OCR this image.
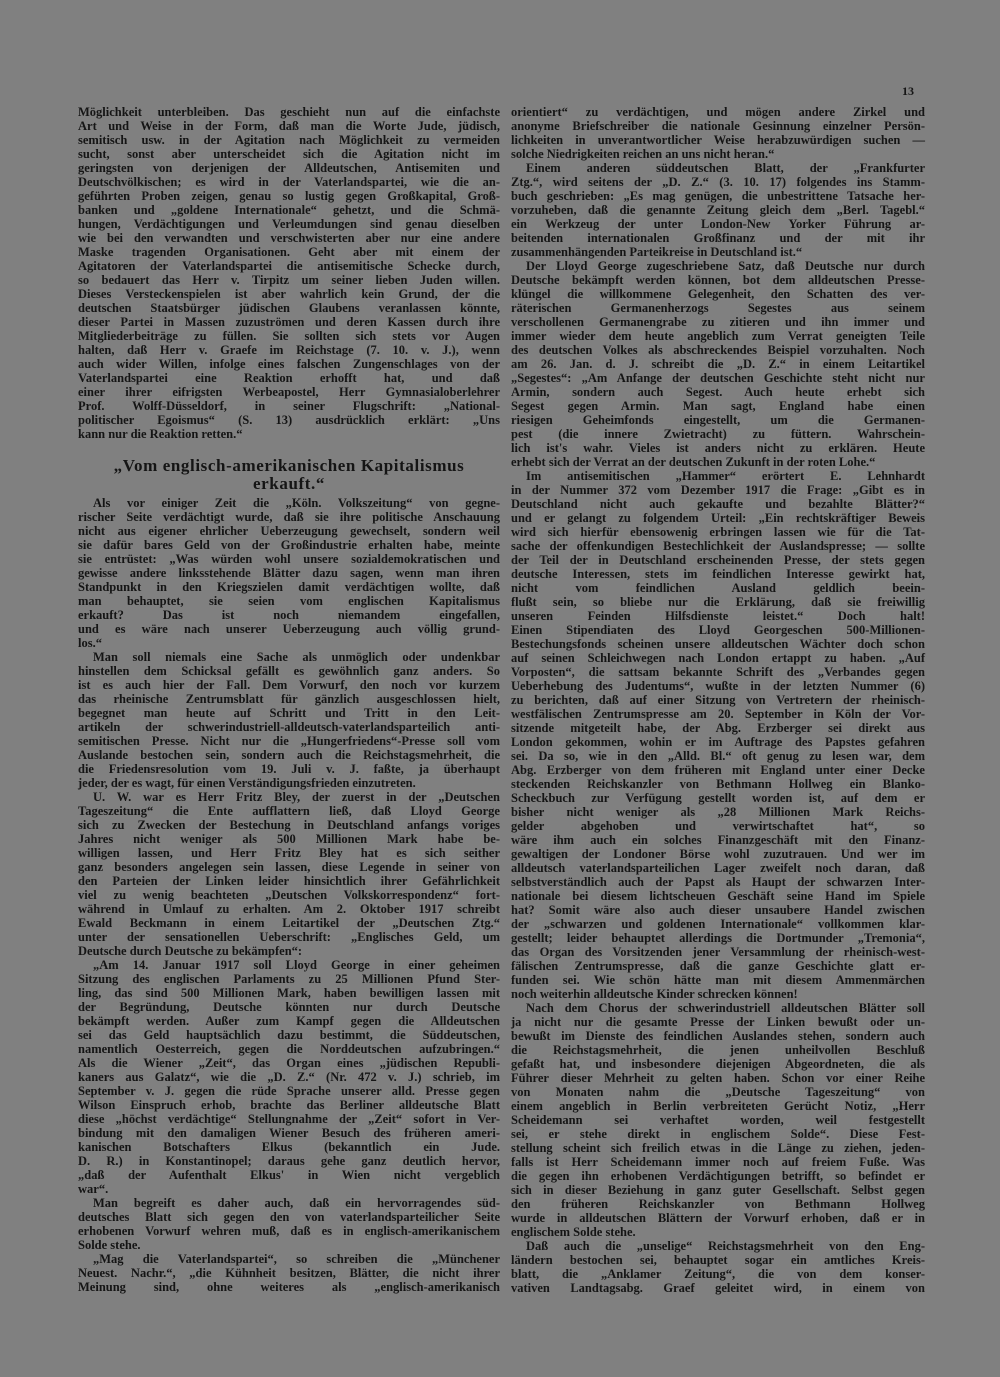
13
Möglichkeit unterbleiben. Das geschieht nun auf die einfachste
Art und Weise in der Form, daß man die Worte Jude, jüdisch,
semitisch usw. in der Agitation nach Möglichkeit zu vermeiden
sucht, sonst aber unterscheidet sich die Agitation nicht im
geringsten von derjenigen der Alldeutschen, Antisemiten und
Deutschvölkischen; es wird in der Vaterlandspartei, wie die an-
geführten Proben zeigen, genau so lustig gegen Großkapital, Groß-
banken und „goldene Internationale“ gehetzt, und die Schmä-
hungen, Verdächtigungen und Verleumdungen sind genau dieselben
wie bei den verwandten und verschwisterten aber nur eine andere
Maske tragenden Organisationen. Geht aber mit einem der
Agitatoren der Vaterlandspartei die antisemitische Schecke durch,
so bedauert das Herr v. Tirpitz um seiner lieben Juden willen.
Dieses Versteckenspielen ist aber wahrlich kein Grund, der die
deutschen Staatsbürger jüdischen Glaubens veranlassen könnte,
dieser Partei in Massen zuzuströmen und deren Kassen durch ihre
Mitgliederbeiträge zu füllen. Sie sollten sich stets vor Augen
halten, daß Herr v. Graefe im Reichstage (7. 10. v. J.), wenn
auch wider Willen, infolge eines falschen Zungenschlages von der
Vaterlandspartei eine Reaktion erhofft hat, und daß
einer ihrer eifrigsten Werbeapostel, Herr Gymnasialoberlehrer
Prof. Wolff-Düsseldorf, in seiner Flugschrift: „National-
politischer Egoismus“ (S. 13) ausdrücklich erklärt: „Uns
kann nur die Reaktion retten.“
„Vom englisch-amerikanischen Kapitalismus
erkauft.“
Als vor einiger Zeit die „Köln. Volkszeitung“ von gegne-
rischer Seite verdächtigt wurde, daß sie ihre politische Anschauung
nicht aus eigener ehrlicher Ueberzeugung gewechselt, sondern weil
sie dafür bares Geld von der Großindustrie erhalten habe, meinte
sie entrüstet: „Was würden wohl unsere sozialdemokratischen und
gewisse andere linksstehende Blätter dazu sagen, wenn man ihren
Standpunkt in den Kriegszielen damit verdächtigen wollte, daß
man behauptet, sie seien vom englischen Kapitalismus
erkauft? Das ist noch niemandem eingefallen,
und es wäre nach unserer Ueberzeugung auch völlig grund-
los.“
Man soll niemals eine Sache als unmöglich oder undenkbar
hinstellen dem Schicksal gefällt es gewöhnlich ganz anders. So
ist es auch hier der Fall. Dem Vorwurf, den noch vor kurzem
das rheinische Zentrumsblatt für gänzlich ausgeschlossen hielt,
begegnet man heute auf Schritt und Tritt in den Leit-
artikeln der schwerindustriell-alldeutsch-vaterlandsparteilich anti-
semitischen Presse. Nicht nur die „Hungerfriedens“-Presse soll vom
Auslande bestochen sein, sondern auch die Reichstagsmehrheit, die
die Friedensresolution vom 19. Juli v. J. faßte, ja überhaupt
jeder, der es wagt, für einen Verständigungsfrieden einzutreten.
U. W. war es Herr Fritz Bley, der zuerst in der „Deutschen
Tageszeitung“ die Ente aufflattern ließ, daß Lloyd George
sich zu Zwecken der Bestechung in Deutschland anfangs voriges
Jahres nicht weniger als 500 Millionen Mark habe be-
willigen lassen, und Herr Fritz Bley hat es sich seither
ganz besonders angelegen sein lassen, diese Legende in seiner von
den Parteien der Linken leider hinsichtlich ihrer Gefährlichkeit
viel zu wenig beachteten „Deutschen Volkskorrespondenz“ fort-
während in Umlauf zu erhalten. Am 2. Oktober 1917 schreibt
Ewald Beckmann in einem Leitartikel der „Deutschen Ztg.“
unter der sensationellen Ueberschrift: „Englisches Geld, um
Deutsche durch Deutsche zu bekämpfen“:
„Am 14. Januar 1917 soll Lloyd George in einer geheimen
Sitzung des englischen Parlaments zu 25 Millionen Pfund Ster-
ling, das sind 500 Millionen Mark, haben bewilligen lassen mit
der Begründung, Deutsche könnten nur durch Deutsche
bekämpft werden. Außer zum Kampf gegen die Alldeutschen
sei das Geld hauptsächlich dazu bestimmt, die Süddeutschen,
namentlich Oesterreich, gegen die Norddeutschen aufzubringen.“
Als die Wiener „Zeit“, das Organ eines „jüdischen Republi-
kaners aus Galatz“, wie die „D. Z.“ (Nr. 472 v. J.) schrieb, im
September v. J. gegen die rüde Sprache unserer alld. Presse gegen
Wilson Einspruch erhob, brachte das Berliner alldeutsche Blatt
diese „höchst verdächtige“ Stellungnahme der „Zeit“ sofort in Ver-
bindung mit den damaligen Wiener Besuch des früheren ameri-
kanischen Botschafters Elkus (bekanntlich ein Jude.
D. R.) in Konstantinopel; daraus gehe ganz deutlich hervor,
„daß der Aufenthalt Elkus' in Wien nicht vergeblich
war“.
Man begreift es daher auch, daß ein hervorragendes süd-
deutsches Blatt sich gegen den von vaterlandsparteilicher Seite
erhobenen Vorwurf wehren muß, daß es in englisch-amerikanischem
Solde stehe.
„Mag die Vaterlandspartei“, so schreiben die „Münchener
Neuest. Nachr.“, „die Kühnheit besitzen, Blätter, die nicht ihrer
Meinung sind, ohne weiteres als „englisch-amerikanisch
orientiert“ zu verdächtigen, und mögen andere Zirkel und
anonyme Briefschreiber die nationale Gesinnung einzelner Persön-
lichkeiten in unverantwortlicher Weise herabzuwürdigen suchen —
solche Niedrigkeiten reichen an uns nicht heran.“
Einem anderen süddeutschen Blatt, der „Frankfurter
Ztg.“, wird seitens der „D. Z.“ (3. 10. 17) folgendes ins Stamm-
buch geschrieben: „Es mag genügen, die unbestrittene Tatsache her-
vorzuheben, daß die genannte Zeitung gleich dem „Berl. Tagebl.“
ein Werkzeug der unter London-New Yorker Führung ar-
beitenden internationalen Großfinanz und der mit ihr
zusammenhängenden Parteikreise in Deutschland ist.“
Der Lloyd George zugeschriebene Satz, daß Deutsche nur durch
Deutsche bekämpft werden können, bot dem alldeutschen Presse-
klüngel die willkommene Gelegenheit, den Schatten des ver-
räterischen Germanenherzogs Segestes aus seinem
verschollenen Germanengrabe zu zitieren und ihn immer und
immer wieder dem heute angeblich zum Verrat geneigten Teile
des deutschen Volkes als abschreckendes Beispiel vorzuhalten. Noch
am 26. Jan. d. J. schreibt die „D. Z.“ in einem Leitartikel
„Segestes“: „Am Anfange der deutschen Geschichte steht nicht nur
Armin, sondern auch Segest. Auch heute erhebt sich
Segest gegen Armin. Man sagt, England habe einen
riesigen Geheimfonds eingestellt, um die Germanen-
pest (die innere Zwietracht) zu füttern. Wahrschein-
lich ist's wahr. Vieles ist anders nicht zu erklären. Heute
erhebt sich der Verrat an der deutschen Zukunft in der roten Lohe.“
Im antisemitischen „Hammer“ erörtert E. Lehnhardt
in der Nummer 372 vom Dezember 1917 die Frage: „Gibt es in
Deutschland nicht auch gekaufte und bezahlte Blätter?“
und er gelangt zu folgendem Urteil: „Ein rechtskräftiger Beweis
wird sich hierfür ebensowenig erbringen lassen wie für die Tat-
sache der offenkundigen Bestechlichkeit der Auslandspresse; — sollte
der Teil der in Deutschland erscheinenden Presse, der stets gegen
deutsche Interessen, stets im feindlichen Interesse gewirkt hat,
nicht vom feindlichen Ausland geldlich beein-
flußt sein, so bliebe nur die Erklärung, daß sie freiwillig
unseren Feinden Hilfsdienste leistet.“ Doch halt!
Einen Stipendiaten des Lloyd Georgeschen 500-Millionen-
Bestechungsfonds scheinen unsere alldeutschen Wächter doch schon
auf seinen Schleichwegen nach London ertappt zu haben. „Auf
Vorposten“, die sattsam bekannte Schrift des „Verbandes gegen
Ueberhebung des Judentums“, wußte in der letzten Nummer (6)
zu berichten, daß auf einer Sitzung von Vertretern der rheinisch-
westfälischen Zentrumspresse am 20. September in Köln der Vor-
sitzende mitgeteilt habe, der Abg. Erzberger sei direkt aus
London gekommen, wohin er im Auftrage des Papstes gefahren
sei. Da so, wie in den „Alld. Bl.“ oft genug zu lesen war, dem
Abg. Erzberger von dem früheren mit England unter einer Decke
steckenden Reichskanzler von Bethmann Hollweg ein Blanko-
Scheckbuch zur Verfügung gestellt worden ist, auf dem er
bisher nicht weniger als „28 Millionen Mark Reichs-
gelder abgehoben und verwirtschaftet hat“, so
wäre ihm auch ein solches Finanzgeschäft mit den Finanz-
gewaltigen der Londoner Börse wohl zuzutrauen. Und wer im
alldeutsch vaterlandsparteilichen Lager zweifelt noch daran, daß
selbstverständlich auch der Papst als Haupt der schwarzen Inter-
nationale bei diesem lichtscheuen Geschäft seine Hand im Spiele
hat? Somit wäre also auch dieser unsaubere Handel zwischen
der „schwarzen und goldenen Internationale“ vollkommen klar-
gestellt; leider behauptet allerdings die Dortmunder „Tremonia“,
das Organ des Vorsitzenden jener Versammlung der rheinisch-west-
fälischen Zentrumspresse, daß die ganze Geschichte glatt er-
funden sei. Wie schön hätte man mit diesem Ammenmärchen
noch weiterhin alldeutsche Kinder schrecken können!
Nach dem Chorus der schwerindustriell alldeutschen Blätter soll
ja nicht nur die gesamte Presse der Linken bewußt oder un-
bewußt im Dienste des feindlichen Auslandes stehen, sondern auch
die Reichstagsmehrheit, die jenen unheilvollen Beschluß
gefaßt hat, und insbesondere diejenigen Abgeordneten, die als
Führer dieser Mehrheit zu gelten haben. Schon vor einer Reihe
von Monaten nahm die „Deutsche Tageszeitung“ von
einem angeblich in Berlin verbreiteten Gerücht Notiz, „Herr
Scheidemann sei verhaftet worden, weil festgestellt
sei, er stehe direkt in englischem Solde“. Diese Fest-
stellung scheint sich freilich etwas in die Länge zu ziehen, jeden-
falls ist Herr Scheidemann immer noch auf freiem Fuße. Was
die gegen ihn erhobenen Verdächtigungen betrifft, so befindet er
sich in dieser Beziehung in ganz guter Gesellschaft. Selbst gegen
den früheren Reichskanzler von Bethmann Hollweg
wurde in alldeutschen Blättern der Vorwurf erhoben, daß er in
englischem Solde stehe.
Daß auch die „unselige“ Reichstagsmehrheit von den Eng-
ländern bestochen sei, behauptet sogar ein amtliches Kreis-
blatt, die „Anklamer Zeitung“, die von dem konser-
vativen Landtagsabg. Graef geleitet wird, in einem von
